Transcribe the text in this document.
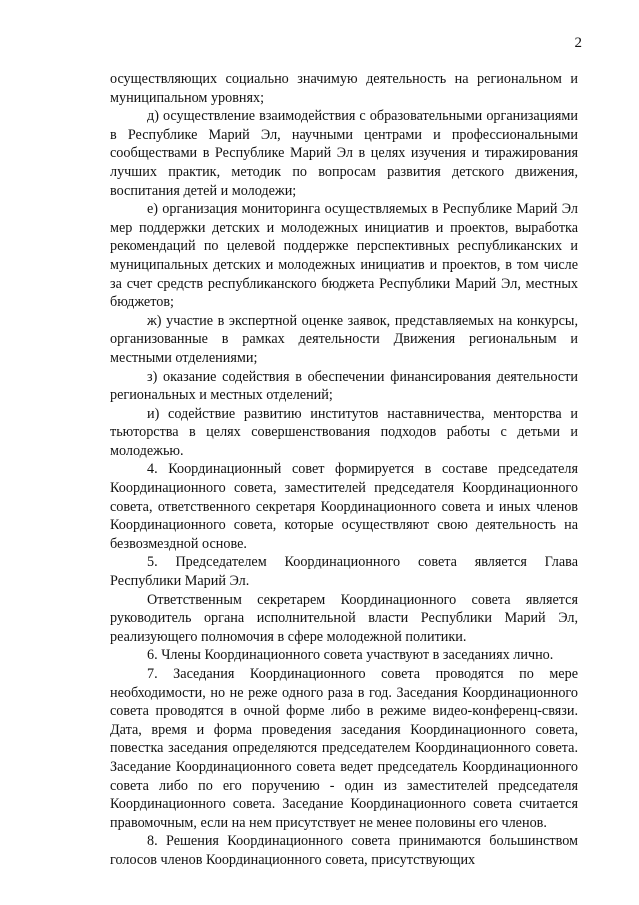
2

осуществляющих социально значимую деятельность на региональном и муниципальном уровнях;

д) осуществление взаимодействия с образовательными организациями в Республике Марий Эл, научными центрами и профессиональными сообществами в Республике Марий Эл в целях изучения и тиражирования лучших практик, методик по вопросам развития детского движения, воспитания детей и молодежи;

е) организация мониторинга осуществляемых в Республике Марий Эл мер поддержки детских и молодежных инициатив и проектов, выработка рекомендаций по целевой поддержке перспективных республиканских и муниципальных детских и молодежных инициатив и проектов, в том числе за счет средств республиканского бюджета Республики Марий Эл, местных бюджетов;

ж) участие в экспертной оценке заявок, представляемых на конкурсы, организованные в рамках деятельности Движения региональным и местными отделениями;

з) оказание содействия в обеспечении финансирования деятельности региональных и местных отделений;

и) содействие развитию институтов наставничества, менторства и тьюторства в целях совершенствования подходов работы с детьми и молодежью.

4. Координационный совет формируется в составе председателя Координационного совета, заместителей председателя Координационного совета, ответственного секретаря Координационного совета и иных членов Координационного совета, которые осуществляют свою деятельность на безвозмездной основе.

5. Председателем Координационного совета является Глава Республики Марий Эл.

Ответственным секретарем Координационного совета является руководитель органа исполнительной власти Республики Марий Эл, реализующего полномочия в сфере молодежной политики.

6. Члены Координационного совета участвуют в заседаниях лично.

7. Заседания Координационного совета проводятся по мере необходимости, но не реже одного раза в год. Заседания Координационного совета проводятся в очной форме либо в режиме видео-конференц-связи. Дата, время и форма проведения заседания Координационного совета, повестка заседания определяются председателем Координационного совета. Заседание Координационного совета ведет председатель Координационного совета либо по его поручению - один из заместителей председателя Координационного совета. Заседание Координационного совета считается правомочным, если на нем присутствует не менее половины его членов.

8. Решения Координационного совета принимаются большинством голосов членов Координационного совета, присутствующих
